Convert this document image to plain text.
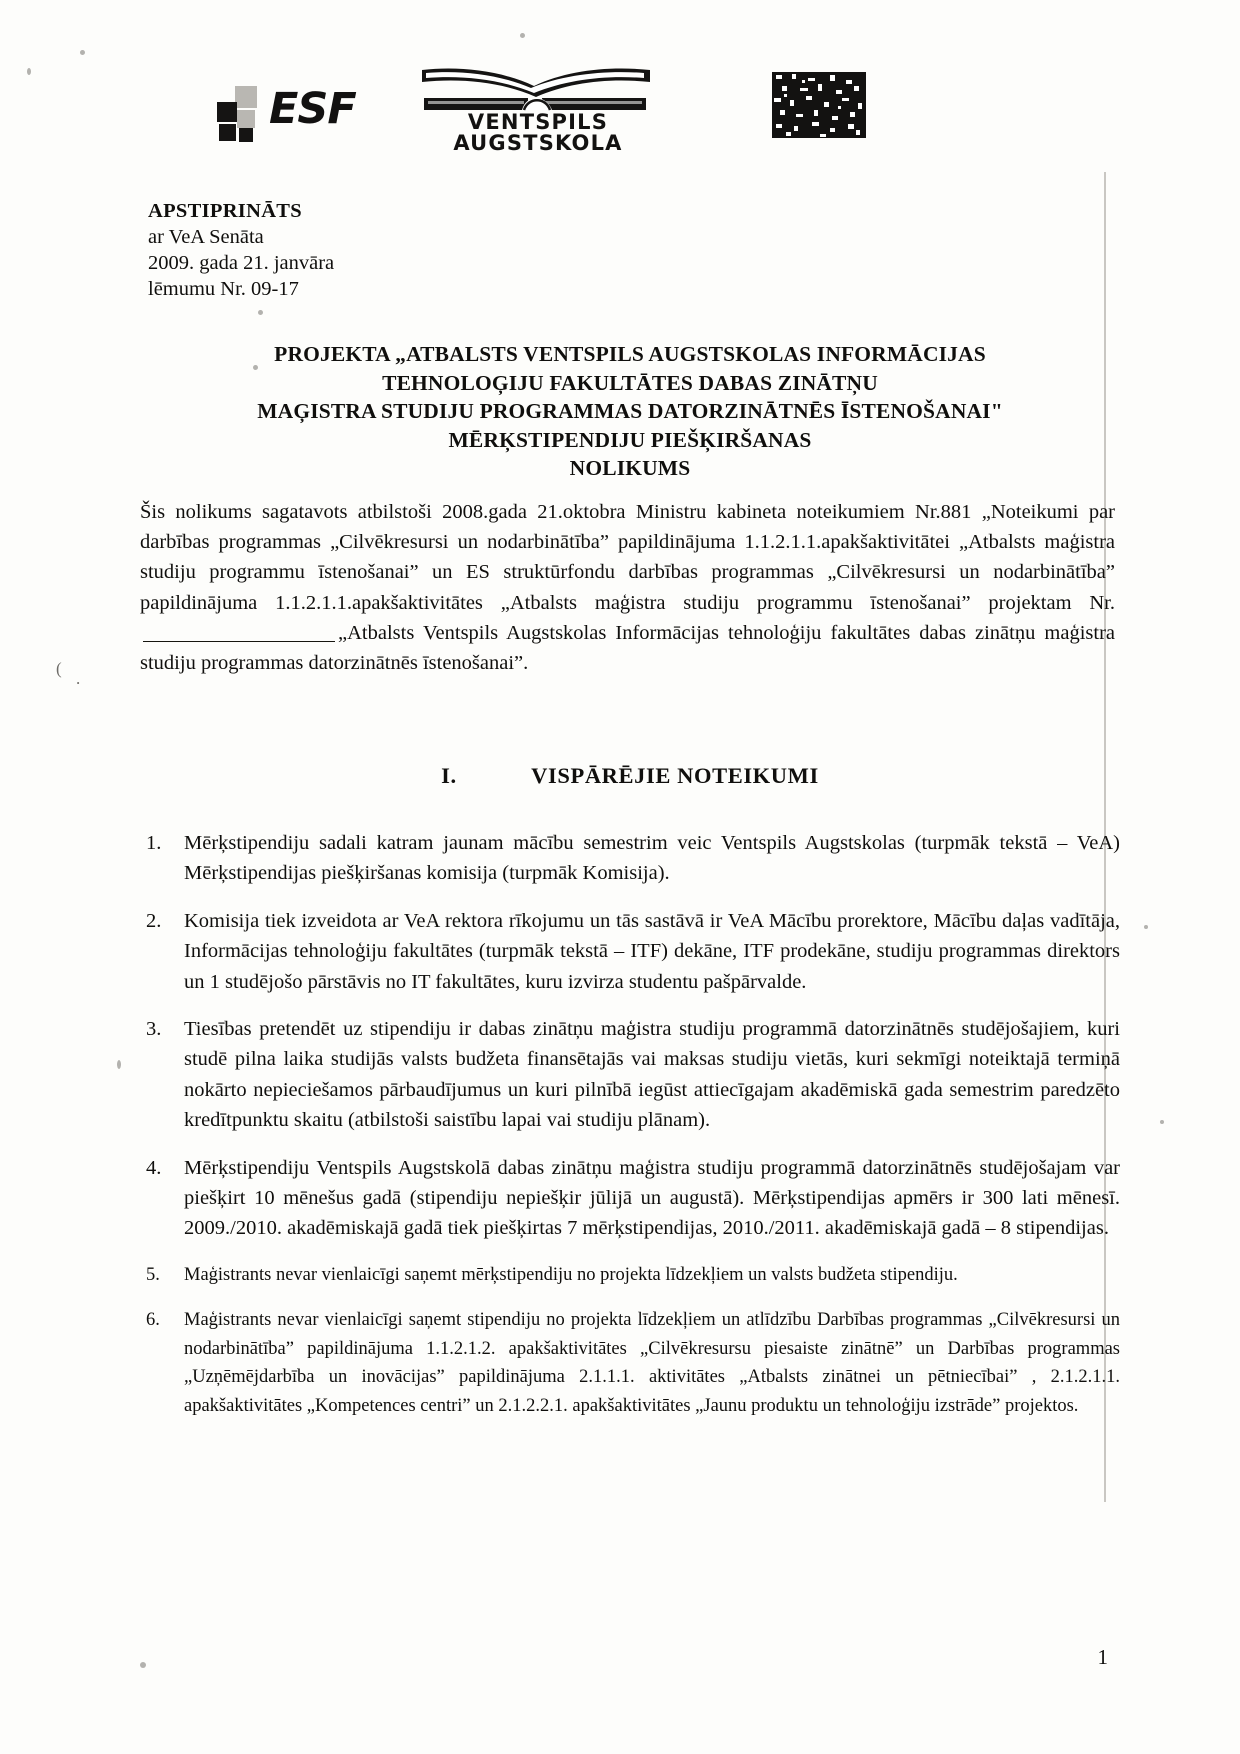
(
.
ESF	VENTSPILS AUGSTSKOLA
APSTIPRINĀTS
ar VeA Senāta
2009. gada 21. janvāra
lēmumu Nr. 09-17
PROJEKTA „ATBALSTS VENTSPILS AUGSTSKOLAS INFORMĀCIJAS
TEHNOLOĢIJU FAKULTĀTES DABAS ZINĀTŅU
MAĢISTRA STUDIJU PROGRAMMAS DATORZINĀTNĒS ĪSTENOŠANAI"
MĒRĶSTIPENDIJU PIEŠĶIRŠANAS
NOLIKUMS

Šis nolikums sagatavots atbilstoši 2008.gada 21.oktobra Ministru kabineta noteikumiem Nr.881 „Noteikumi par darbības programmas „Cilvēkresursi un nodarbinātība” papildinājuma 1.1.2.1.1.apakšaktivitātei „Atbalsts maģistra studiju programmu īstenošanai” un ES struktūrfondu darbības programmas „Cilvēkresursi un nodarbinātība” papildinājuma 1.1.2.1.1.apakšaktivitātes „Atbalsts maģistra studiju programmu īstenošanai” projektam Nr.„Atbalsts Ventspils Augstskolas Informācijas tehnoloģiju fakultātes dabas zinātņu maģistra studiju programmas datorzinātnēs īstenošanai”.

I.	VISPĀRĒJIE NOTEIKUMI
1.	Mērķstipendiju sadali katram jaunam mācību semestrim veic Ventspils Augstskolas (turpmāk tekstā – VeA) Mērķstipendijas piešķiršanas komisija (turpmāk Komisija).
2.	Komisija tiek izveidota ar VeA rektora rīkojumu un tās sastāvā ir VeA Mācību prorektore, Mācību daļas vadītāja, Informācijas tehnoloģiju fakultātes (turpmāk tekstā – ITF) dekāne, ITF prodekāne, studiju programmas direktors un 1 studējošo pārstāvis no IT fakultātes, kuru izvirza studentu pašpārvalde.
3.	Tiesības pretendēt uz stipendiju ir dabas zinātņu maģistra studiju programmā datorzinātnēs studējošajiem, kuri studē pilna laika studijās valsts budžeta finansētajās vai maksas studiju vietās, kuri sekmīgi noteiktajā termiņā nokārto nepieciešamos pārbaudījumus un kuri pilnībā iegūst attiecīgajam akadēmiskā gada semestrim paredzēto kredītpunktu skaitu (atbilstoši saistību lapai vai studiju plānam).
4.	Mērķstipendiju Ventspils Augstskolā dabas zinātņu maģistra studiju programmā datorzinātnēs studējošajam var piešķirt 10 mēnešus gadā (stipendiju nepiešķir jūlijā un augustā). Mērķstipendijas apmērs ir 300 lati mēnesī. 2009./2010. akadēmiskajā gadā tiek piešķirtas 7 mērķstipendijas, 2010./2011. akadēmiskajā gadā – 8 stipendijas.
5.	Maģistrants nevar vienlaicīgi saņemt mērķstipendiju no projekta līdzekļiem un valsts budžeta stipendiju.
6.	Maģistrants nevar vienlaicīgi saņemt stipendiju no projekta līdzekļiem un atlīdzību Darbības programmas „Cilvēkresursi un nodarbinātība” papildinājuma 1.1.2.1.2. apakšaktivitātes „Cilvēkresursu piesaiste zinātnē” un Darbības programmas „Uzņēmējdarbība un inovācijas” papildinājuma 2.1.1.1. aktivitātes „Atbalsts zinātnei un pētniecībai” , 2.1.2.1.1. apakšaktivitātes „Kompetences centri” un 2.1.2.2.1. apakšaktivitātes „Jaunu produktu un tehnoloģiju izstrāde” projektos.
1
